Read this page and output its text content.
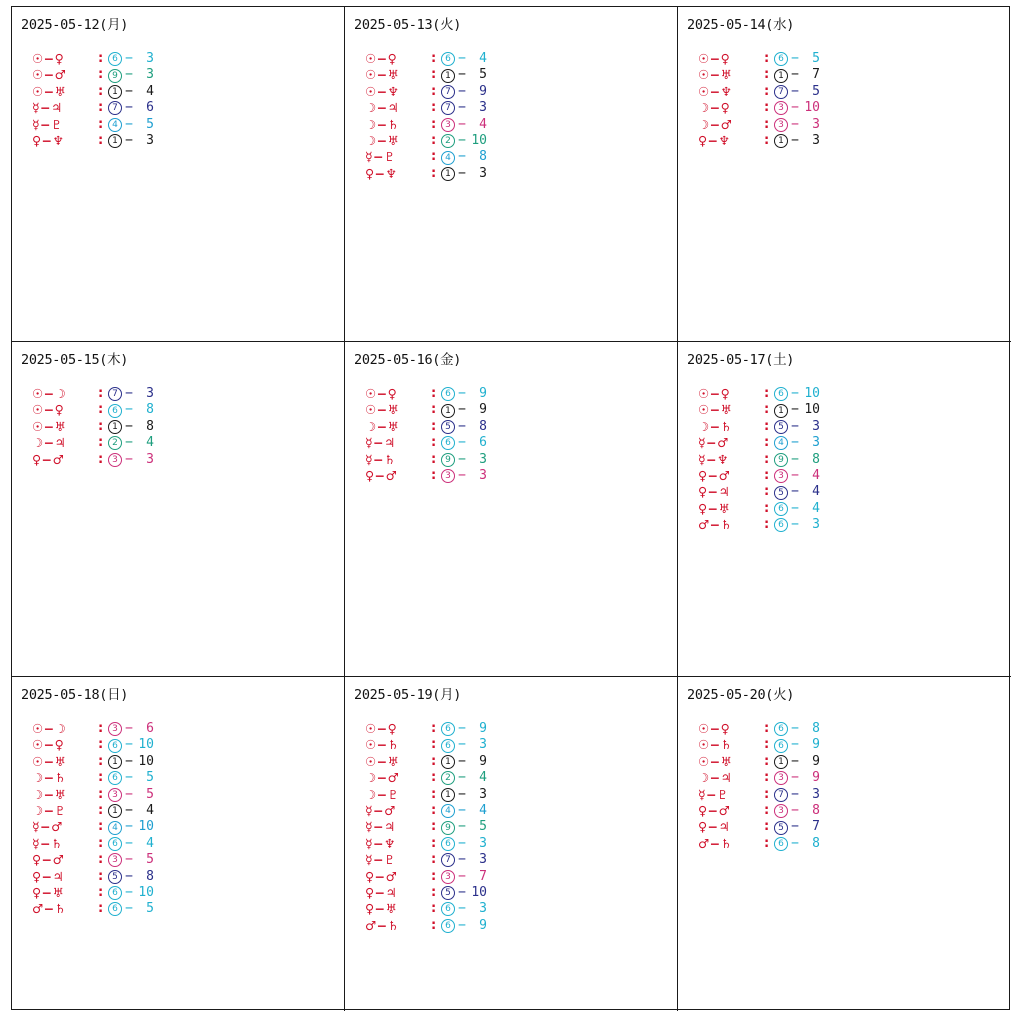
2025-05-12(月)
☉−♀	: 6 −	3
☉−♂	: 9 −	3
☉−♅	: 1 −	4
☿−♃	: 7 −	6
☿−♇	: 4 −	5
♀−♆	: 1 −	3
2025-05-13(火)
☉−♀	: 6 −	4
☉−♅	: 1 −	5
☉−♆	: 7 −	9
☽−♃	: 7 −	3
☽−♄	: 3 −	4
☽−♅	: 2 − 10
☿−♇	: 4 −	8
♀−♆	: 1 −	3
2025-05-14(水)
☉−♀	: 6 −	5
☉−♅	: 1 −	7
☉−♆	: 7 −	5
☽−♀	: 3 − 10
☽−♂	: 3 −	3
♀−♆	: 1 −	3
2025-05-15(木)
☉−☽	: 7 −	3
☉−♀	: 6 −	8
☉−♅	: 1 −	8
☽−♃	: 2 −	4
♀−♂	: 3 −	3
2025-05-16(金)
☉−♀	: 6 −	9
☉−♅	: 1 −	9
☽−♅	: 5 −	8
☿−♃	: 6 −	6
☿−♄	: 9 −	3
♀−♂	: 3 −	3
2025-05-17(土)
☉−♀	: 6 − 10
☉−♅	: 1 − 10
☽−♄	: 5 −	3
☿−♂	: 4 −	3
☿−♆	: 9 −	8
♀−♂	: 3 −	4
♀−♃	: 5 −	4
♀−♅	: 6 −	4
♂−♄	: 6 −	3
2025-05-18(日)
☉−☽	: 3 −	6
☉−♀	: 6 − 10
☉−♅	: 1 − 10
☽−♄	: 6 −	5
☽−♅	: 3 −	5
☽−♇	: 1 −	4
☿−♂	: 4 − 10
☿−♄	: 6 −	4
♀−♂	: 3 −	5
♀−♃	: 5 −	8
♀−♅	: 6 − 10
♂−♄	: 6 −	5
2025-05-19(月)
☉−♀	: 6 −	9
☉−♄	: 6 −	3
☉−♅	: 1 −	9
☽−♂	: 2 −	4
☽−♇	: 1 −	3
☿−♂	: 4 −	4
☿−♃	: 9 −	5
☿−♆	: 6 −	3
☿−♇	: 7 −	3
♀−♂	: 3 −	7
♀−♃	: 5 − 10
♀−♅	: 6 −	3
♂−♄	: 6 −	9
2025-05-20(火)
☉−♀	: 6 −	8
☉−♄	: 6 −	9
☉−♅	: 1 −	9
☽−♃	: 3 −	9
☿−♇	: 7 −	3
♀−♂	: 3 −	8
♀−♃	: 5 −	7
♂−♄	: 6 −	8
